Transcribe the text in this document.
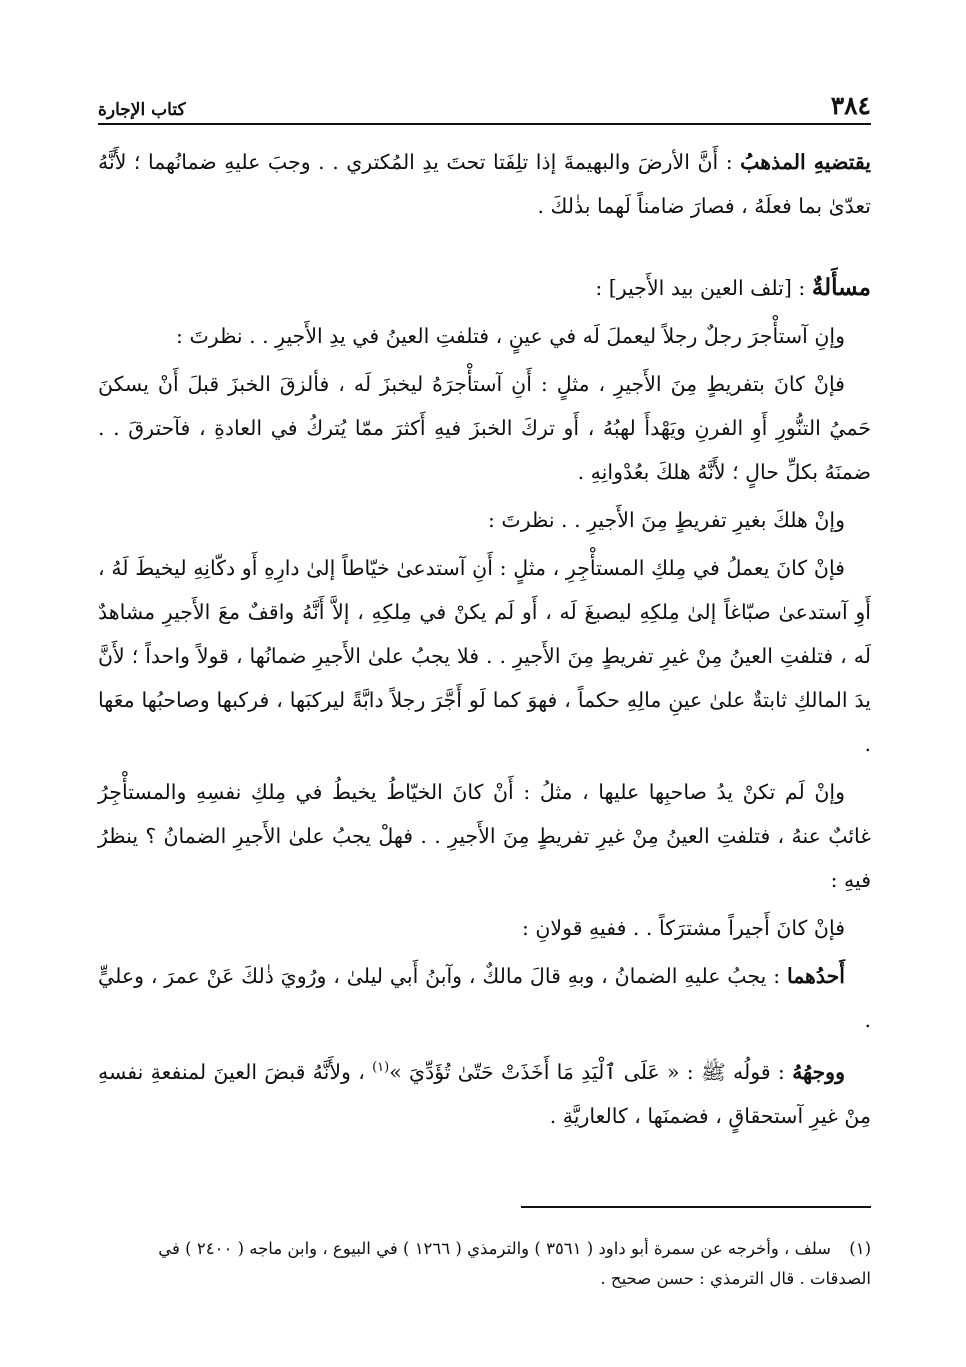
٣٨٤
كتاب الإجارة

يقتضيهِ المذهبُ : أَنَّ الأرضَ والبهيمةَ إذا تلِفَتا تحتَ يدِ المُكتري . . وجبَ عليهِ ضمانُهما ؛ لأَنَّهُ تعدّىٰ بما فعلَهُ ، فصارَ ضامناً لَهما بذٰلكَ .

مسأَلةٌ : [تلف العين بيد الأَجير] :

وإنِ آستأْجرَ رجلٌ رجلاً ليعملَ لَه في عينٍ ، فتلفتِ العينُ في يدِ الأَجيرِ . . نظرتَ :

فإنْ كانَ بتفريطٍ مِنَ الأَجيرِ ، مثلٍ : أَنِ آستأْجرَهُ ليخبزَ لَه ، فألزقَ الخبزَ قبلَ أَنْ يسكنَ حَميُ التنُّورِ أَوِ الفرنِ ويَهْدأَ لهبُهُ ، أَو تركَ الخبزَ فيهِ أَكثرَ ممّا يُتركُ في العادةِ ، فآحترقَ . . ضمنَهُ بكلِّ حالٍ ؛ لأَنَّهُ هلكَ بعُدْوانِهِ .

وإنْ هلكَ بغيرِ تفريطٍ مِنَ الأَجيرِ . . نظرتَ :

فإنْ كانَ يعملُ في مِلكِ المستأْجِرِ ، مثلٍ : أَنِ آستدعىٰ خيّاطاً إلىٰ دارِهِ أَو دكّانِهِ ليخيطَ لَهُ ، أَوِ آستدعىٰ صبّاغاً إلىٰ مِلكِهِ ليصبغَ لَه ، أَو لَم يكنْ في مِلكِهِ ، إلاَّ أَنَّهُ واقفٌ معَ الأَجيرِ مشاهدٌ لَه ، فتلفتِ العينُ مِنْ غيرِ تفريطٍ مِنَ الأَجيرِ . . فلا يجبُ علىٰ الأَجيرِ ضمانُها ، قولاً واحداً ؛ لأَنَّ يدَ المالكِ ثابتةٌ علىٰ عينِ مالِهِ حكماً ، فهوَ كما لَو أَجَّرَ رجلاً دابَّةً ليركبَها ، فركبها وصاحبُها معَها .

وإنْ لَم تكنْ يدُ صاحبِها عليها ، مثلُ : أَنْ كانَ الخيّاطُ يخيطُ في مِلكِ نفسِهِ والمستأْجِرُ غائبٌ عنهُ ، فتلفتِ العينُ مِنْ غيرِ تفريطٍ مِنَ الأَجيرِ . . فهلْ يجبُ علىٰ الأَجيرِ الضمانُ ؟ ينظرُ فيهِ :

فإنْ كانَ أَجيراً مشترَكاً . . ففيهِ قولانِ :

أَحدُهما : يجبُ عليهِ الضمانُ ، وبهِ قالَ مالكٌ ، وآبنُ أَبي ليلىٰ ، ورُويَ ذٰلكَ عَنْ عمرَ ، وعليٍّ .

ووجهُهُ : قولُه ﷺ : « عَلَى ٱلْيَدِ مَا أَخَذَتْ حَتّىٰ تُؤَدِّيَ »$^{(١)}$ ، ولأَنَّهُ قبضَ العينَ لمنفعةِ نفسهِ مِنْ غيرِ آستحقاقٍ ، فضمنَها ، كالعاريَّةِ .

(١)سلف ، وأخرجه عن سمرة أبو داود ( ٣٥٦١ ) والترمذي ( ١٢٦٦ ) في البيوع ، وابن ماجه ( ٢٤٠٠ ) في الصدقات . قال الترمذي : حسن صحيح .
